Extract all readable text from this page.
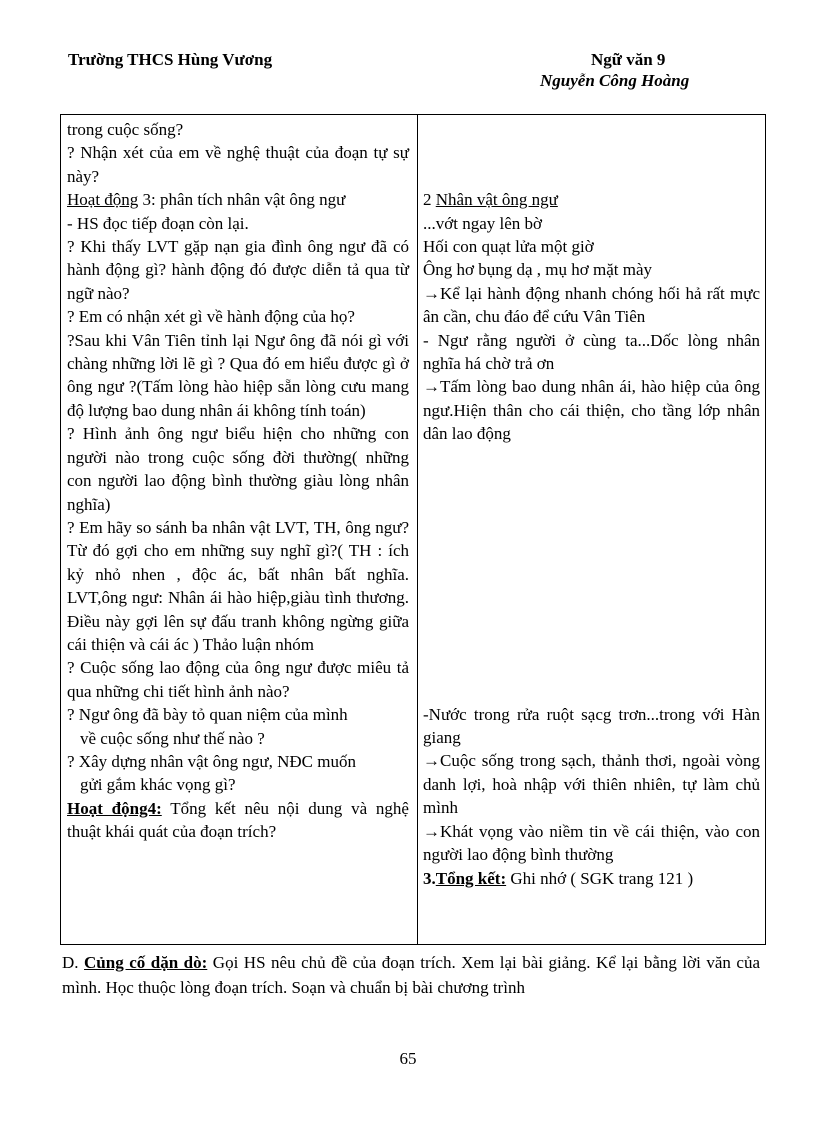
Trường THCS Hùng Vương	Ngữ văn 9
Nguyễn Công Hoàng

trong cuộc sống?

? Nhận xét của em về nghệ thuật của đoạn tự sự này?

Hoạt động 3: phân tích nhân vật ông ngư

- HS đọc tiếp đoạn còn lại.

? Khi thấy LVT gặp nạn gia đình ông ngư đã có hành động gì? hành động đó được diễn tả qua từ ngữ nào?

? Em có nhận xét gì về hành động của họ?

?Sau khi Vân Tiên tỉnh lại Ngư ông đã nói gì với chàng những lời lẽ gì ? Qua đó em hiểu được gì ở ông ngư ?(Tấm lòng hào hiệp sẵn lòng cưu mang độ lượng bao dung nhân ái không tính toán)

? Hình ảnh ông ngư biểu hiện cho những con người nào trong cuộc sống đời thường( những con người lao động bình thường giàu lòng nhân nghĩa)

? Em hãy so sánh ba nhân vật LVT, TH, ông ngư? Từ đó gợi cho em những suy nghĩ gì?( TH : ích kỷ nhỏ nhen , độc ác, bất nhân bất nghĩa. LVT,ông ngư: Nhân ái hào hiệp,giàu tình thương. Điều này gợi lên sự đấu tranh không ngừng giữa cái thiện và cái ác ) Thảo luận nhóm

? Cuộc sống lao động của ông ngư được miêu tả qua những chi tiết hình ảnh nào?

? Ngư ông đã bày tỏ quan niệm của mình

về cuộc sống như thế nào ?

? Xây dựng nhân vật ông ngư, NĐC muốn

gửi gắm khác vọng gì?

Hoạt động4: Tổng kết nêu nội dung và nghệ thuật khái quát của đoạn trích?

2 Nhân vật ông ngư

...vớt ngay lên bờ

Hối con quạt lửa một giờ

Ông hơ bụng dạ , mụ hơ mặt mày

→Kể lại hành động nhanh chóng hối hả rất mực ân cần, chu đáo để cứu Vân Tiên

- Ngư rằng người ở cùng ta...Dốc lòng nhân nghĩa há chờ trả ơn

→Tấm lòng bao dung nhân ái, hào hiệp của ông ngư.Hiện thân cho cái thiện, cho tầng lớp nhân dân lao động

-Nước trong rửa ruột sạcg trơn...trong với Hàn giang

→Cuộc sống trong sạch, thảnh thơi, ngoài vòng danh lợi, hoà nhập với thiên nhiên, tự làm chủ mình

→Khát vọng vào niềm tin về cái thiện, vào con người lao động bình thường

3.Tổng kết: Ghi nhớ ( SGK trang 121 )

D. Củng cố dặn dò: Gọi HS nêu chủ đề của đoạn trích. Xem lại bài giảng. Kể lại bằng lời văn của mình. Học thuộc lòng đoạn trích. Soạn và chuẩn bị bài chương trình

65
